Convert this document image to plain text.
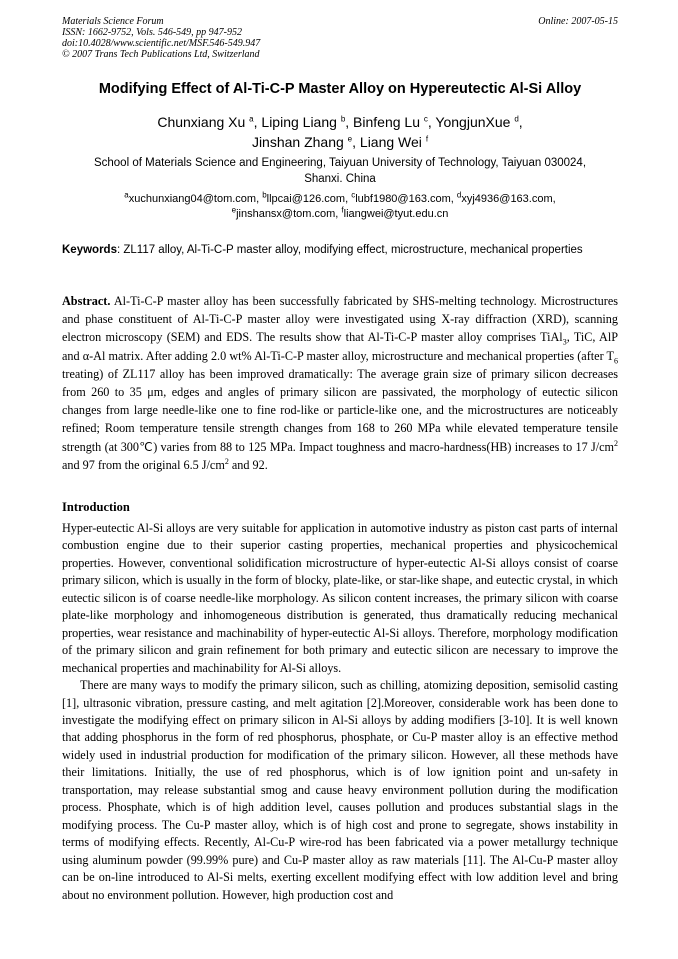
Materials Science Forum
ISSN: 1662-9752, Vols. 546-549, pp 947-952
doi:10.4028/www.scientific.net/MSF.546-549.947
© 2007 Trans Tech Publications Ltd, Switzerland
Online: 2007-05-15
Modifying Effect of Al-Ti-C-P Master Alloy on Hypereutectic Al-Si Alloy
Chunxiang Xu $^a$, Liping Liang $^b$, Binfeng Lu $^c$, YongjunXue $^d$,
Jinshan Zhang $^e$, Liang Wei $^f$
School of Materials Science and Engineering, Taiyuan University of Technology, Taiyuan 030024,
Shanxi. China
$^a$xuchunxiang04@tom.com, $^b$llpcai@126.com, $^c$lubf1980@163.com, $^d$xyj4936@163.com,
$^e$jinshansx@tom.com, $^f$liangwei@tyut.edu.cn
Keywords: ZL117 alloy, Al-Ti-C-P master alloy, modifying effect, microstructure, mechanical properties
Abstract. Al-Ti-C-P master alloy has been successfully fabricated by SHS-melting technology. Microstructures and phase constituent of Al-Ti-C-P master alloy were investigated using X-ray diffraction (XRD), scanning electron microscopy (SEM) and EDS. The results show that Al-Ti-C-P master alloy comprises TiAl$_3$, TiC, AlP and α-Al matrix. After adding 2.0 wt% Al-Ti-C-P master alloy, microstructure and mechanical properties (after $T_6$ treating) of ZL117 alloy has been improved dramatically: The average grain size of primary silicon decreases from 260 to 35 μm, edges and angles of primary silicon are passivated, the morphology of eutectic silicon changes from large needle-like one to fine rod-like or particle-like one, and the microstructures are noticeably refined; Room temperature tensile strength changes from 168 to 260 MPa while elevated temperature tensile strength (at 300℃) varies from 88 to 125 MPa. Impact toughness and macro-hardness(HB) increases to 17 $J/cm^2$ and 97 from the original 6.5 $J/cm^2$ and 92.
Introduction

Hyper-eutectic Al-Si alloys are very suitable for application in automotive industry as piston cast parts of internal combustion engine due to their superior casting properties, mechanical properties and physicochemical properties. However, conventional solidification microstructure of hyper-eutectic Al-Si alloys consist of coarse primary silicon, which is usually in the form of blocky, plate-like, or star-like shape, and eutectic crystal, in which eutectic silicon is of coarse needle-like morphology. As silicon content increases, the primary silicon with coarse plate-like morphology and inhomogeneous distribution is generated, thus dramatically reducing mechanical properties, wear resistance and machinability of hyper-eutectic Al-Si alloys. Therefore, morphology modification of the primary silicon and grain refinement for both primary and eutectic silicon are necessary to improve the mechanical properties and machinability for Al-Si alloys.

There are many ways to modify the primary silicon, such as chilling, atomizing deposition, semisolid casting [1], ultrasonic vibration, pressure casting, and melt agitation [2].Moreover, considerable work has been done to investigate the modifying effect on primary silicon in Al-Si alloys by adding modifiers [3-10]. It is well known that adding phosphorus in the form of red phosphorus, phosphate, or Cu-P master alloy is an effective method widely used in industrial production for modification of the primary silicon. However, all these methods have their limitations. Initially, the use of red phosphorus, which is of low ignition point and un-safety in transportation, may release substantial smog and cause heavy environment pollution during the modification process. Phosphate, which is of high addition level, causes pollution and produces substantial slags in the modifying process. The Cu-P master alloy, which is of high cost and prone to segregate, shows instability in terms of modifying effects. Recently, Al-Cu-P wire-rod has been fabricated via a power metallurgy technique using aluminum powder (99.99% pure) and Cu-P master alloy as raw materials [11]. The Al-Cu-P master alloy can be on-line introduced to Al-Si melts, exerting excellent modifying effect with low addition level and bring about no environment pollution. However, high production cost and
